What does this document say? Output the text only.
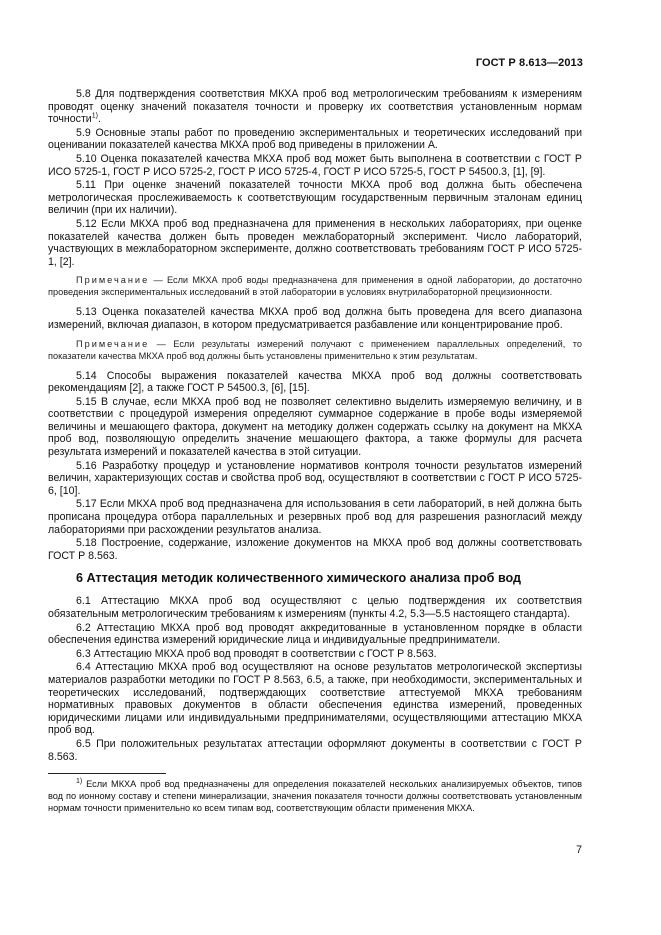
ГОСТ Р 8.613—2013

5.8 Для подтверждения соответствия МКХА проб вод метрологическим требованиям к измерениям проводят оценку значений показателя точности и проверку их соответствия установленным нормам точности$^{1)}$.

5.9 Основные этапы работ по проведению экспериментальных и теоретических исследований при оценивании показателей качества МКХА проб вод приведены в приложении А.

5.10 Оценка показателей качества МКХА проб вод может быть выполнена в соответствии с ГОСТ Р ИСО 5725-1, ГОСТ Р ИСО 5725-2, ГОСТ Р ИСО 5725-4, ГОСТ Р ИСО 5725-5, ГОСТ Р 54500.3, [1], [9].

5.11 При оценке значений показателей точности МКХА проб вод должна быть обеспечена метрологическая прослеживаемость к соответствующим государственным первичным эталонам единиц величин (при их наличии).

5.12 Если МКХА проб вод предназначена для применения в нескольких лабораториях, при оценке показателей качества должен быть проведен межлабораторный эксперимент. Число лабораторий, участвующих в межлабораторном эксперименте, должно соответствовать требованиям ГОСТ Р ИСО 5725-1, [2].

Примечание — Если МКХА проб воды предназначена для применения в одной лаборатории, до достаточно проведения экспериментальных исследований в этой лаборатории в условиях внутрилабораторной прецизионности.

5.13 Оценка показателей качества МКХА проб вод должна быть проведена для всего диапазона измерений, включая диапазон, в котором предусматривается разбавление или концентрирование проб.

Примечание — Если результаты измерений получают с применением параллельных определений, то показатели качества МКХА проб вод должны быть установлены применительно к этим результатам.

5.14 Способы выражения показателей качества МКХА проб вод должны соответствовать рекомендациям [2], а также ГОСТ Р 54500.3, [6], [15].

5.15 В случае, если МКХА проб вод не позволяет селективно выделить измеряемую величину, и в соответствии с процедурой измерения определяют суммарное содержание в пробе воды измеряемой величины и мешающего фактора, документ на методику должен содержать ссылку на документ на МКХА проб вод, позволяющую определить значение мешающего фактора, а также формулы для расчета результата измерений и показателей качества в этой ситуации.

5.16 Разработку процедур и установление нормативов контроля точности результатов измерений величин, характеризующих состав и свойства проб вод, осуществляют в соответствии с ГОСТ Р ИСО 5725-6, [10].

5.17 Если МКХА проб вод предназначена для использования в сети лабораторий, в ней должна быть прописана процедура отбора параллельных и резервных проб вод для разрешения разногласий между лабораториями при расхождении результатов анализа.

5.18 Построение, содержание, изложение документов на МКХА проб вод должны соответствовать ГОСТ Р 8.563.

6 Аттестация методик количественного химического анализа проб вод

6.1 Аттестацию МКХА проб вод осуществляют с целью подтверждения их соответствия обязательным метрологическим требованиям к измерениям (пункты 4.2, 5.3—5.5 настоящего стандарта).

6.2 Аттестацию МКХА проб вод проводят аккредитованные в установленном порядке в области обеспечения единства измерений юридические лица и индивидуальные предприниматели.

6.3 Аттестацию МКХА проб вод проводят в соответствии с ГОСТ Р 8.563.

6.4 Аттестацию МКХА проб вод осуществляют на основе результатов метрологической экспертизы материалов разработки методики по ГОСТ Р 8.563, 6.5, а также, при необходимости, экспериментальных и теоретических исследований, подтверждающих соответствие аттестуемой МКХА требованиям нормативных правовых документов в области обеспечения единства измерений, проведенных юридическими лицами или индивидуальными предпринимателями, осуществляющими аттестацию МКХА проб вод.

6.5 При положительных результатах аттестации оформляют документы в соответствии с ГОСТ Р 8.563.

$^{1)}$ Если МКХА проб вод предназначены для определения показателей нескольких анализируемых объектов, типов вод по ионному составу и степени минерализации, значения показателя точности должны соответствовать установленным нормам точности применительно ко всем типам вод, соответствующим области применения МКХА.

7
